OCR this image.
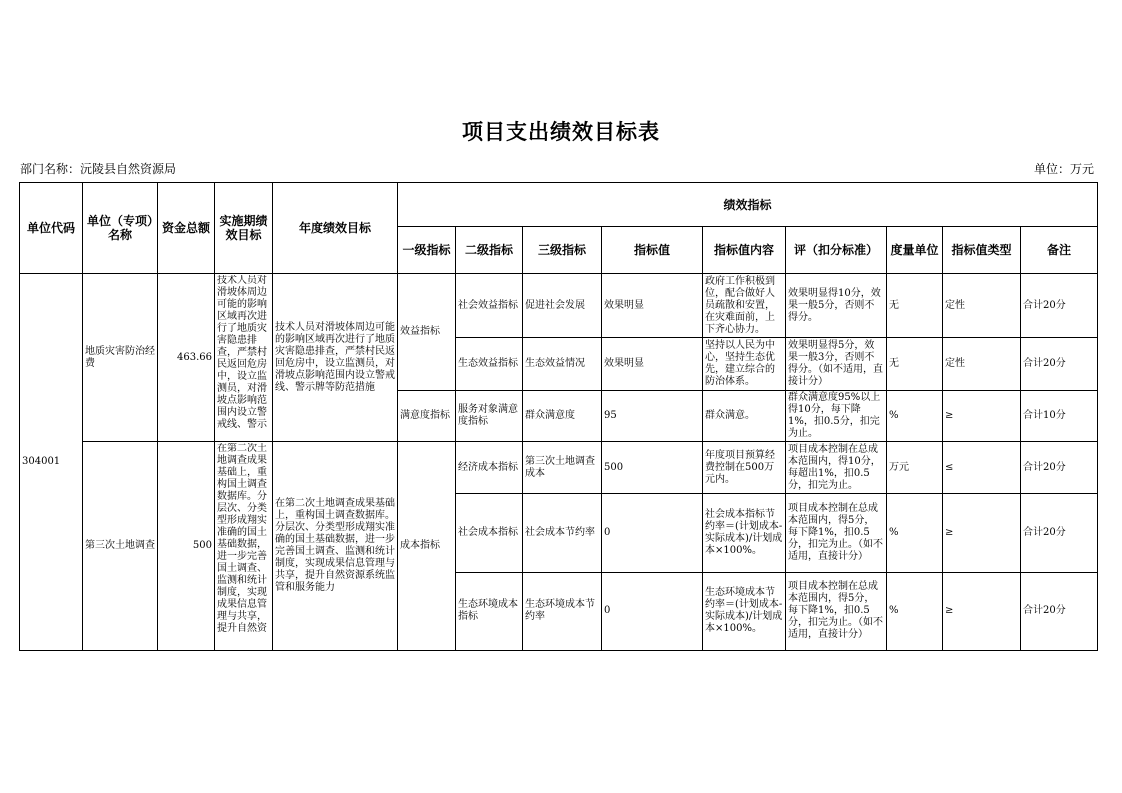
项目支出绩效目标表
部门名称：沅陵县自然资源局	单位：万元
单位代码	单位（专项）名称	资金总额	实施期绩效目标	年度绩效目标	绩效指标								
					一级指标	二级指标	三级指标	指标值	指标值内容	评（扣分标准）	度量单位	指标值类型	备注
304001	地质灾害防治经费	463.66	技术人员对滑坡体周边可能的影响区域再次进行了地质灾害隐患排查，严禁村民返回危房中，设立监测员，对滑坡点影响范围内设立警戒线、警示	技术人员对滑坡体周边可能的影响区域再次进行了地质灾害隐患排查，严禁村民返回危房中，设立监测员，对滑坡点影响范围内设立警戒线、警示牌等防范措施	效益指标	社会效益指标	促进社会发展	效果明显	政府工作积极到位，配合做好人员疏散和安置，在灾难面前，上下齐心协力。	效果明显得10分，效果一般5分，否则不得分。	无	定性	合计20分
						生态效益指标	生态效益情况	效果明显	坚持以人民为中心，坚持生态优先，建立综合的防治体系。	效果明显得5分，效果一般3分，否则不得分。（如不适用，直接计分）	无	定性	合计20分
					满意度指标	服务对象满意度指标	群众满意度	95	群众满意。	群众满意度95%以上得10分，每下降1%，扣0.5分，扣完为止。	%	≥	合计10分
	第三次土地调查	500	在第二次土地调查成果基础上，重构国土调查数据库。分层次、分类型形成翔实准确的国土基础数据，进一步完善国土调查、监测和统计制度，实现成果信息管理与共享，提升自然资	在第二次土地调查成果基础上，重构国土调查数据库。分层次、分类型形成翔实准确的国土基础数据，进一步完善国土调查、监测和统计制度，实现成果信息管理与共享，提升自然资源系统监管和服务能力	成本指标	经济成本指标	第三次土地调查成本	500	年度项目预算经费控制在500万元内。	项目成本控制在总成本范围内，得10分，每超出1%，扣0.5分，扣完为止。	万元	≤	合计20分
						社会成本指标	社会成本节约率	0	社会成本指标节约率＝(计划成本-实际成本)/计划成本×100%。	项目成本控制在总成本范围内，得5分，每下降1%，扣0.5分，扣完为止。（如不适用，直接计分）	%	≥	合计20分
						生态环境成本指标	生态环境成本节约率	0	生态环境成本节约率＝(计划成本-实际成本)/计划成本×100%。	项目成本控制在总成本范围内，得5分，每下降1%，扣0.5分，扣完为止。（如不适用，直接计分）	%	≥	合计20分
